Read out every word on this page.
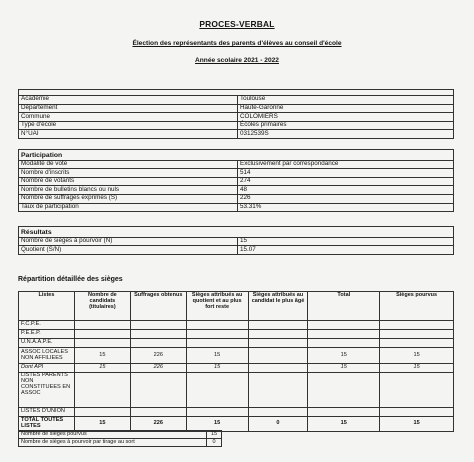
PROCES-VERBAL
Élection des représentants des parents d'élèves au conseil d'école
Année scolaire 2021 - 2022

Académie	Toulouse
Département	Haute-Garonne
Commune	COLOMIERS
Type d'école	Écoles primaires
N°UAI	0312539S
Participation	
Modalité de vote	Exclusivement par correspondance
Nombre d'inscrits	514
Nombre de votants	274
Nombre de bulletins blancs ou nuls	48
Nombre de suffrages exprimés (S)	226
Taux de participation	53.31%
Résultats	
Nombre de sièges à pourvoir (N)	15
Quotient (S/N)	15.07
Répartition détaillée des sièges
Listes	Nombre de candidats (titulaires)	Suffrages obtenus	Sièges attribués au quotient et au plus fort reste	Sièges attribués au candidat le plus âgé	Total	Sièges pourvus
F.C.P.E.						
P.E.E.P.						
U.N.A.A.P.E.						
ASSOC LOCALES NON AFFILIEES	15	226	15		15	15
Dont API	15	226	15		15	15
LISTES PARENTS NON CONSTITUEES EN ASSOC						
LISTES D'UNION						
TOTAL TOUTES LISTES	15	226	15	0	15	15
Nombre de sièges pourvus	15
Nombre de sièges à pourvoir par tirage au sort	0
